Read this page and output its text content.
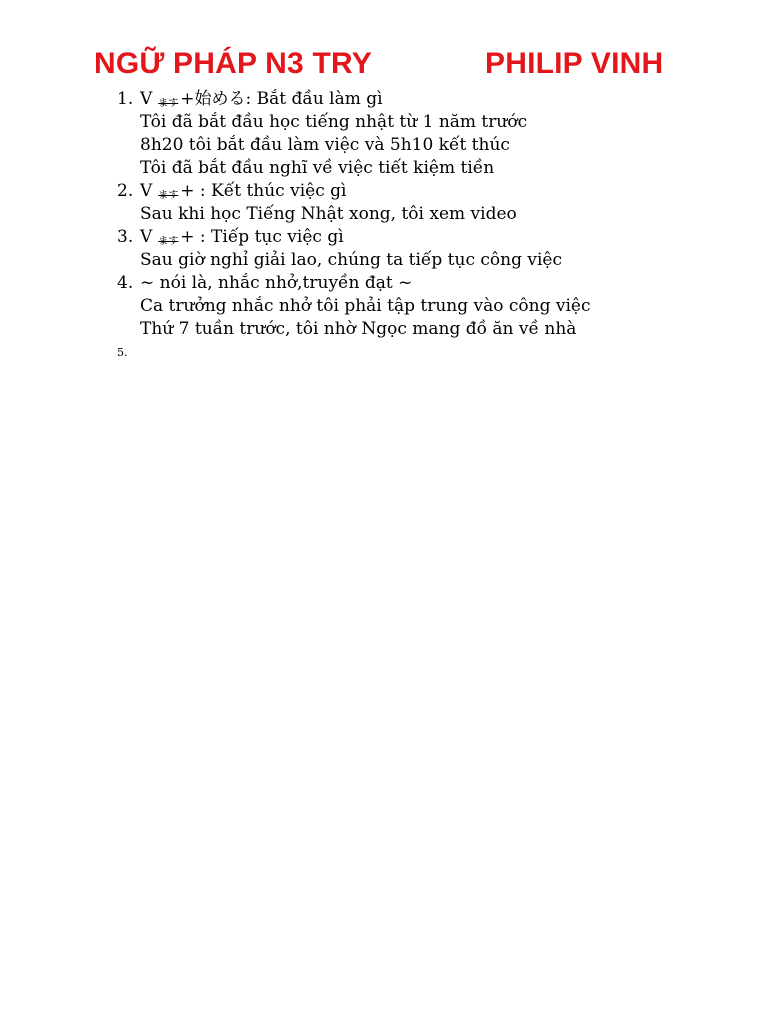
NGỮ PHÁP N3 TRY	PHILIP VINH
1. V ます +始める: Bắt đầu làm gì
Tôi đã bắt đầu học tiếng nhật từ 1 năm trước
8h20 tôi bắt đầu làm việc và 5h10 kết thúc
Tôi đã bắt đầu nghĩ về việc tiết kiệm tiền
2. V ます + : Kết thúc việc gì
Sau khi học Tiếng Nhật xong, tôi xem video
3. V ます + : Tiếp tục việc gì
Sau giờ nghỉ giải lao, chúng ta tiếp tục công việc
4. ~ nói là, nhắc nhở,truyền đạt ~
Ca trưởng nhắc nhở tôi phải tập trung vào công việc
Thứ 7 tuần trước, tôi nhờ Ngọc mang đồ ăn về nhà
5.
